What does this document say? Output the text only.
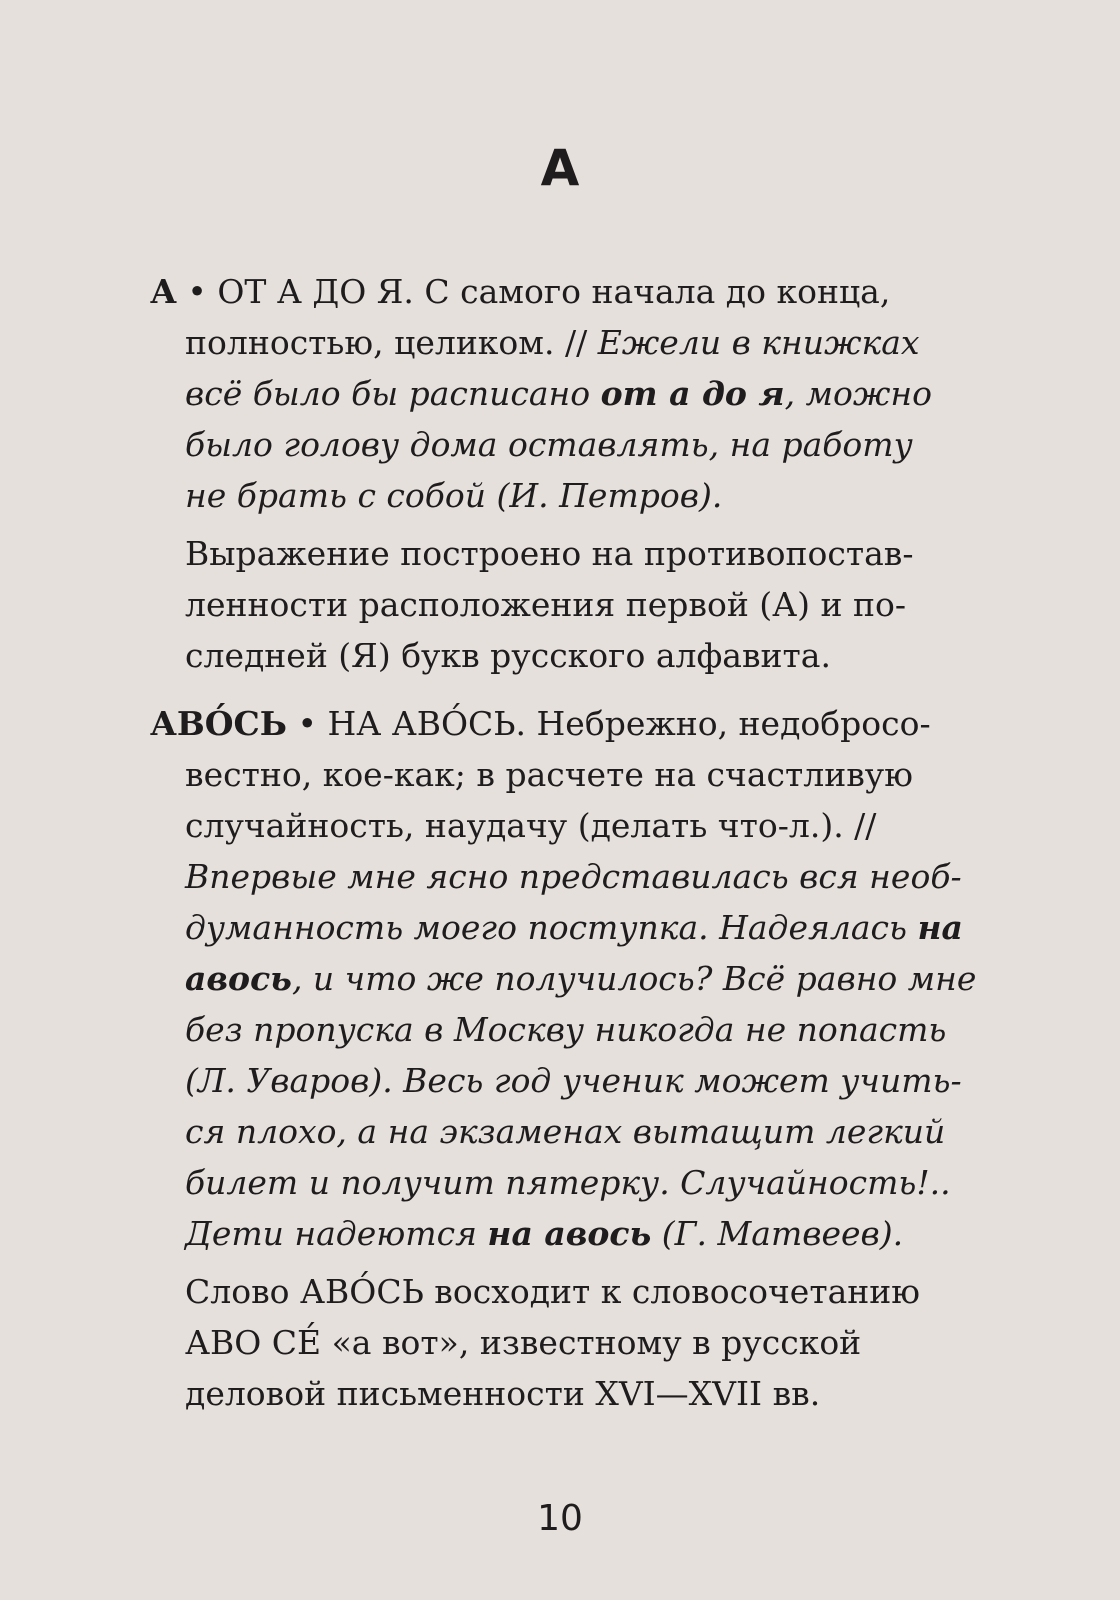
А
А • ОТ А ДО Я. С самого начала до конца,
полностью, целиком. // Ежели в книжках
всё было бы расписано от а до я, можно
было голову дома оставлять, на работу
не брать с собой (И. Петров).
Выражение построено на противопостав-
ленности расположения первой (А) и по-
следней (Я) букв русского алфавита.
АВО́СЬ • НА АВО́СЬ. Небрежно, недобросо-
вестно, кое-как; в расчете на счастливую
случайность, наудачу (делать что-л.). //
Впервые мне ясно представилась вся необ-
думанность моего поступка. Надеялась на
авось, и что же получилось? Всё равно мне
без пропуска в Москву никогда не попасть
(Л. Уваров). Весь год ученик может учить-
ся плохо, а на экзаменах вытащит легкий
билет и получит пятерку. Случайность!..
Дети надеются на авось (Г. Матвеев).
Слово АВО́СЬ восходит к словосочетанию
АВО СЕ́ «а вот», известному в русской
деловой письменности XVI—XVII вв.
10
